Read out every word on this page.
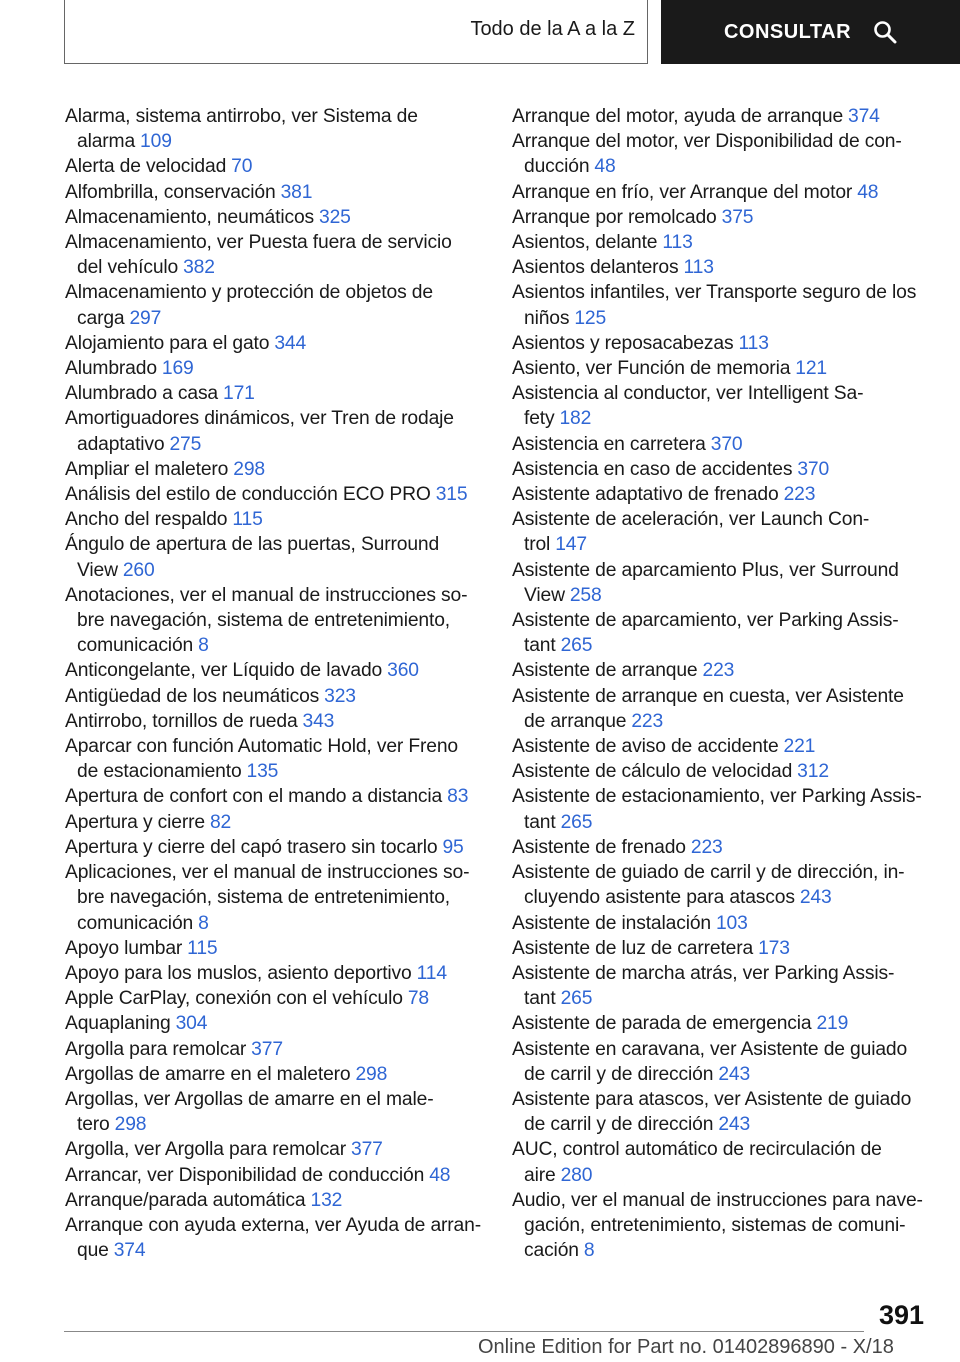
Todo de la A a la Z	CONSULTAR

Alarma, sistema antirrobo, ver Sistema de
alarma 109

Alerta de velocidad 70

Alfombrilla, conservación 381

Almacenamiento, neumáticos 325

Almacenamiento, ver Puesta fuera de servicio
del vehículo 382

Almacenamiento y protección de objetos de
carga 297

Alojamiento para el gato 344

Alumbrado 169

Alumbrado a casa 171

Amortiguadores dinámicos, ver Tren de rodaje
adaptativo 275

Ampliar el maletero 298

Análisis del estilo de conducción ECO PRO 315

Ancho del respaldo 115

Ángulo de apertura de las puertas, Surround
View 260

Anotaciones, ver el manual de instrucciones so-
bre navegación, sistema de entretenimiento,
comunicación 8

Anticongelante, ver Líquido de lavado 360

Antigüedad de los neumáticos 323

Antirrobo, tornillos de rueda 343

Aparcar con función Automatic Hold, ver Freno
de estacionamiento 135

Apertura de confort con el mando a distancia 83

Apertura y cierre 82

Apertura y cierre del capó trasero sin tocarlo 95

Aplicaciones, ver el manual de instrucciones so-
bre navegación, sistema de entretenimiento,
comunicación 8

Apoyo lumbar 115

Apoyo para los muslos, asiento deportivo 114

Apple CarPlay, conexión con el vehículo 78

Aquaplaning 304

Argolla para remolcar 377

Argollas de amarre en el maletero 298

Argollas, ver Argollas de amarre en el male-
tero 298

Argolla, ver Argolla para remolcar 377

Arrancar, ver Disponibilidad de conducción 48

Arranque/parada automática 132

Arranque con ayuda externa, ver Ayuda de arran-
que 374

Arranque del motor, ayuda de arranque 374

Arranque del motor, ver Disponibilidad de con-
ducción 48

Arranque en frío, ver Arranque del motor 48

Arranque por remolcado 375

Asientos, delante 113

Asientos delanteros 113

Asientos infantiles, ver Transporte seguro de los
niños 125

Asientos y reposacabezas 113

Asiento, ver Función de memoria 121

Asistencia al conductor, ver Intelligent Sa-
fety 182

Asistencia en carretera 370

Asistencia en caso de accidentes 370

Asistente adaptativo de frenado 223

Asistente de aceleración, ver Launch Con-
trol 147

Asistente de aparcamiento Plus, ver Surround
View 258

Asistente de aparcamiento, ver Parking Assis-
tant 265

Asistente de arranque 223

Asistente de arranque en cuesta, ver Asistente
de arranque 223

Asistente de aviso de accidente 221

Asistente de cálculo de velocidad 312

Asistente de estacionamiento, ver Parking Assis-
tant 265

Asistente de frenado 223

Asistente de guiado de carril y de dirección, in-
cluyendo asistente para atascos 243

Asistente de instalación 103

Asistente de luz de carretera 173

Asistente de marcha atrás, ver Parking Assis-
tant 265

Asistente de parada de emergencia 219

Asistente en caravana, ver Asistente de guiado
de carril y de dirección 243

Asistente para atascos, ver Asistente de guiado
de carril y de dirección 243

AUC, control automático de recirculación de
aire 280

Audio, ver el manual de instrucciones para nave-
gación, entretenimiento, sistemas de comuni-
cación 8

391
Online Edition for Part no. 01402896890 - X/18
